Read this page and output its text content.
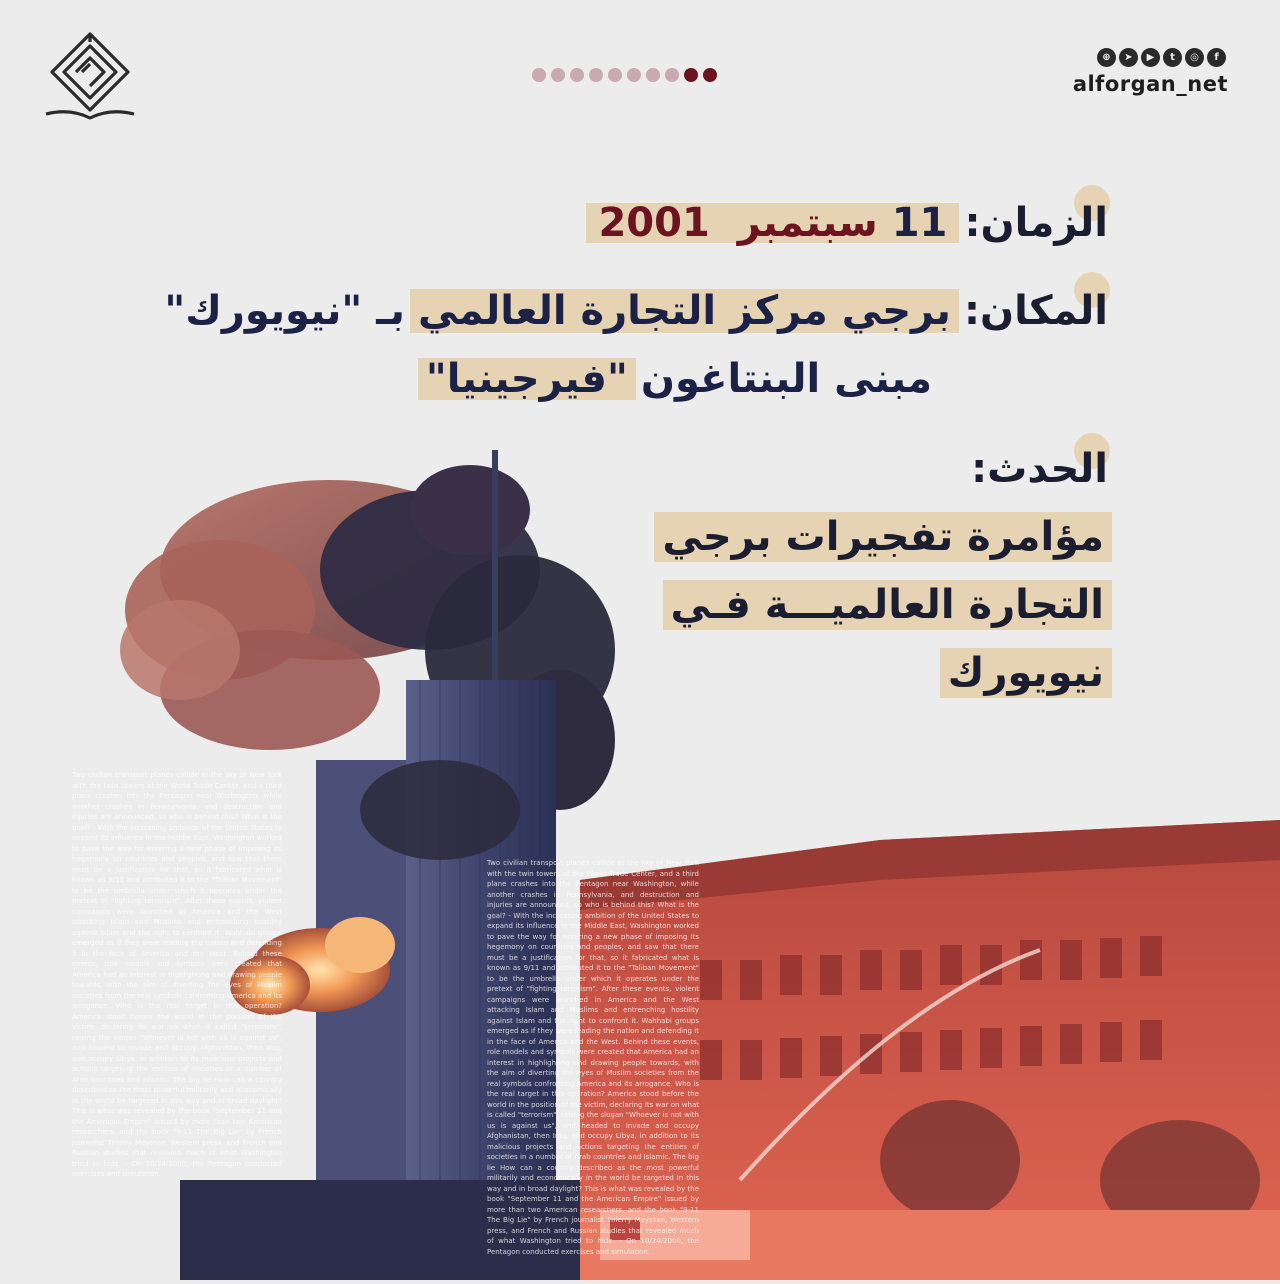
⊕	➤	▶	t	◎	f
alforgan_net
الزمان: 11 سبتمبر 2001
المكان: برجي مركز التجارة العالمي بـ "نيويورك"
مبنى البنتاغون "فيرجينيا"
الحدث:
Two civilian transport planes collide in the sky of New York with the twin towers of the World Trade Center, and a third plane crashes into the Pentagon near Washington, while another crashes in Pennsylvania, and destruction and injuries are announced, so who is behind this? What is the goal? - With the increasing ambition of the United States to expand its influence in the Middle East, Washington worked to pave the way for entering a new phase of imposing its hegemony on countries and peoples, and saw that there must be a justification for that, so it fabricated what is known as 9/11 and attributed it to the "Taliban Movement" to be the umbrella under which it operates under the pretext of "fighting terrorism". After these events, violent campaigns were launched in America and the West attacking Islam and Muslims and entrenching hostility against Islam and the right to confront it. Wahhabi groups emerged as if they were leading the nation and defending it in the face of America and the West. Behind these events, role models and symbols were created that America had an interest in highlighting and drawing people towards, with the aim of diverting the eyes of Muslim societies from the real symbols confronting America and its arrogance. Who is the real target in this operation? America stood before the world in the position of the victim, declaring its war on what is called "terrorism", raising the slogan "Whoever is not with us is against us", and headed to invade and occupy Afghanistan, then Iraq, and occupy Libya, in addition to its malicious projects and actions targeting the entities of societies in a number of Arab countries and Islamic. The big lie How can a country described as the most powerful militarily and economically in the world be targeted in this way and in broad daylight? This is what was revealed by the book "September 11 and the American Empire" issued by more than two American researchers, and the book "9-11 The Big Lie" by French journalist Thierry Meyssan, Western press, and French and Russian studies that revealed much of what Washington tried to hide. - On 10/24/2000, the Pentagon conducted exercises and simulation.
Two civilian transport planes collide in the sky of New York with the twin towers of the World Trade Center, and a third plane crashes into the Pentagon near Washington, while another crashes in Pennsylvania, and destruction and injuries are announced, so who is behind this? What is the goal? - With the increasing ambition of the United States to expand its influence in the Middle East, Washington worked to pave the way for entering a new phase of imposing its hegemony on countries and peoples, and saw that there must be a justification for that, so it fabricated what is known as 9/11 and attributed it to the "Taliban Movement" to be the umbrella under which it operates under the pretext of "fighting terrorism". After these events, violent campaigns were launched in America and the West attacking Islam and Muslims and entrenching hostility against Islam and the right to confront it. Wahhabi groups emerged as if they were leading the nation and defending it in the face of America and the West. Behind these events, role models and symbols were created that America had an interest in highlighting and drawing people towards, with the aim of diverting the eyes of Muslim societies from the real symbols confronting America and its arrogance. Who is the real target in this operation? America stood before the world in the position of the victim, declaring its war on what is called "terrorism", raising the slogan "Whoever is not with us is against us", and headed to invade and occupy Afghanistan, then Iraq, and occupy Libya, in addition to its malicious projects and actions targeting the entities of societies in a number of Arab countries and Islamic. The big lie How can a country described as the most powerful militarily and economically in the world be targeted in this way and in broad daylight? This is what was revealed by the book "September 11 and the American Empire" issued by more than two American researchers, and the book "9-11 The Big Lie" by French journalist Thierry Meyssan, Western press, and French and Russian studies that revealed much of what Washington tried to hide. - On 10/24/2000, the Pentagon conducted exercises and simulation.
مؤامرة تفجيرات برجي
التجارة العالميـــة فـي
نيويورك
